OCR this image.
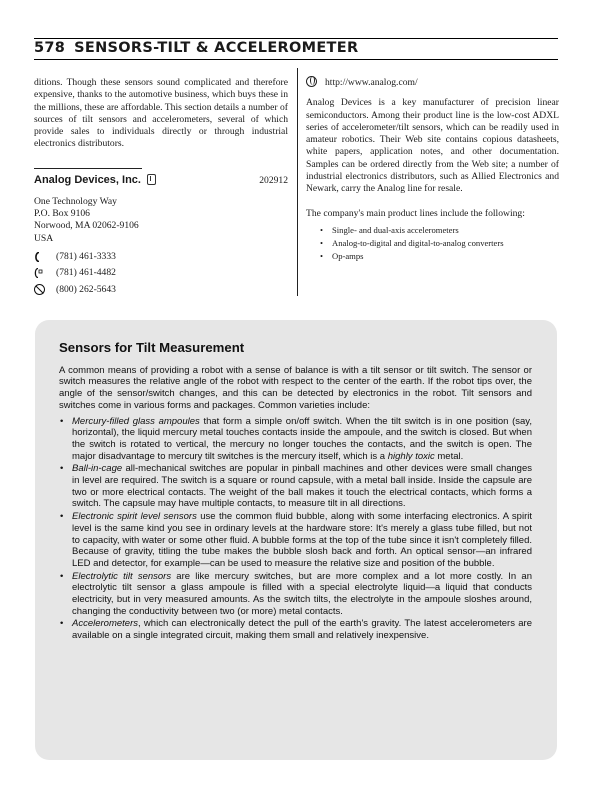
578 SENSORS-TILT & ACCELEROMETER

ditions. Though these sensors sound complicated and therefore expensive, thanks to the automotive business, which buys these in the millions, these are affordable. This section details a number of sources of tilt sensors and accelerometers, several of which provide sales to individuals directly or through industrial electronics distributors.

Analog Devices, Inc.	202912
One Technology Way
P.O. Box 9106
Norwood, MA 02062-9106
USA
(781) 461-3333
(781) 461-4482
(800) 262-5643
http://www.analog.com/

Analog Devices is a key manufacturer of precision linear semiconductors. Among their product line is the low-cost ADXL series of accelerometer/tilt sensors, which can be readily used in amateur robotics. Their Web site contains copious datasheets, white papers, application notes, and other documentation. Samples can be ordered directly from the Web site; a number of industrial electronics distributors, such as Allied Electronics and Newark, carry the Analog line for resale.

The company's main product lines include the following:

• Single- and dual-axis accelerometers
• Analog-to-digital and digital-to-analog converters
• Op-amps
Sensors for Tilt Measurement

A common means of providing a robot with a sense of balance is with a tilt sensor or tilt switch. The sensor or switch measures the relative angle of the robot with respect to the center of the earth. If the robot tips over, the angle of the sensor/switch changes, and this can be detected by electronics in the robot. Tilt sensors and switches come in various forms and packages. Common varieties include:

• Mercury-filled glass ampoules that form a simple on/off switch. When the tilt switch is in one position (say, horizontal), the liquid mercury metal touches contacts inside the ampoule, and the switch is closed. But when the switch is rotated to vertical, the mercury no longer touches the contacts, and the switch is open. The major disadvantage to mercury tilt switches is the mercury itself, which is a highly toxic metal.
• Ball-in-cage all-mechanical switches are popular in pinball machines and other devices were small changes in level are required. The switch is a square or round capsule, with a metal ball inside. Inside the capsule are two or more electrical contacts. The weight of the ball makes it touch the electrical contacts, which forms a switch. The capsule may have multiple contacts, to measure tilt in all directions.
• Electronic spirit level sensors use the common fluid bubble, along with some interfacing electronics. A spirit level is the same kind you see in ordinary levels at the hardware store: It's merely a glass tube filled, but not to capacity, with water or some other fluid. A bubble forms at the top of the tube since it isn't completely filled. Because of gravity, titling the tube makes the bubble slosh back and forth. An optical sensor—an infrared LED and detector, for example—can be used to measure the relative size and position of the bubble.
• Electrolytic tilt sensors are like mercury switches, but are more complex and a lot more costly. In an electrolytic tilt sensor a glass ampoule is filled with a special electrolyte liquid—a liquid that conducts electricity, but in very measured amounts. As the switch tilts, the electrolyte in the ampoule sloshes around, changing the conductivity between two (or more) metal contacts.
• Accelerometers, which can electronically detect the pull of the earth's gravity. The latest accelerometers are available on a single integrated circuit, making them small and relatively inexpensive.
